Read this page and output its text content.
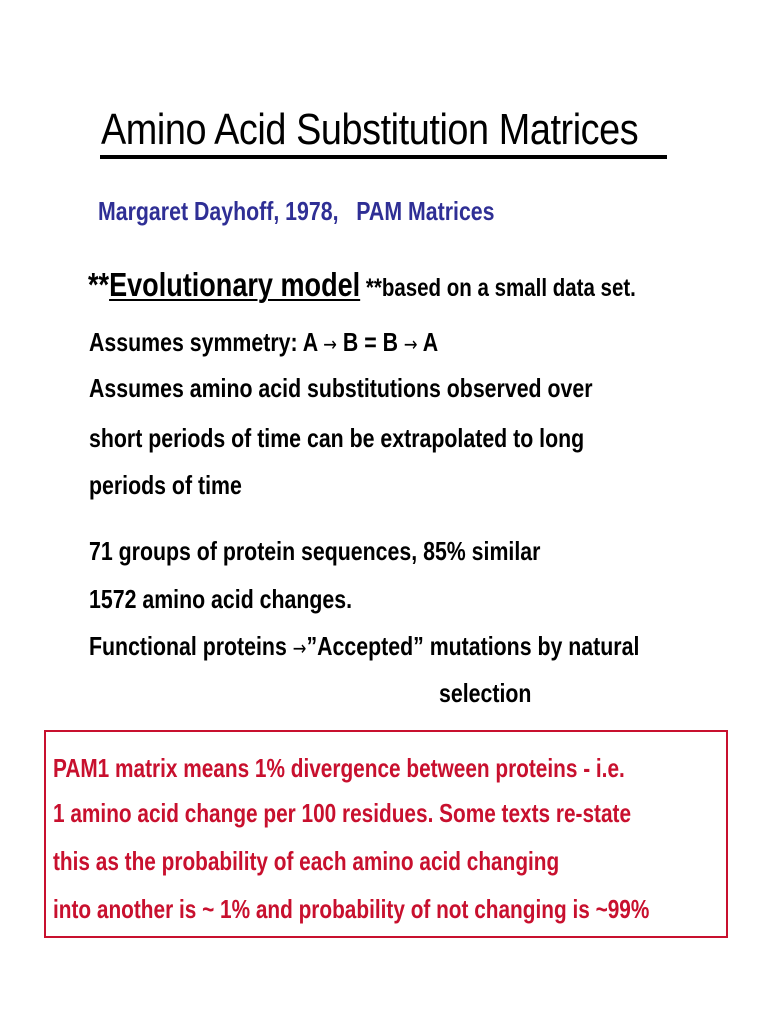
Amino Acid Substitution Matrices
Margaret Dayhoff, 1978,   PAM Matrices
**Evolutionary model **based on a small data set.
Assumes symmetry: A → B = B → A
Assumes amino acid substitutions observed over
short periods of time can be extrapolated to long
periods of time
71 groups of protein sequences, 85% similar
1572 amino acid changes.
Functional proteins →”Accepted” mutations by natural
selection
PAM1 matrix means 1% divergence between proteins - i.e.
1 amino acid change per 100 residues. Some texts re-state
this as the probability of each amino acid changing
into another is ~ 1% and probability of not changing is ~99%
